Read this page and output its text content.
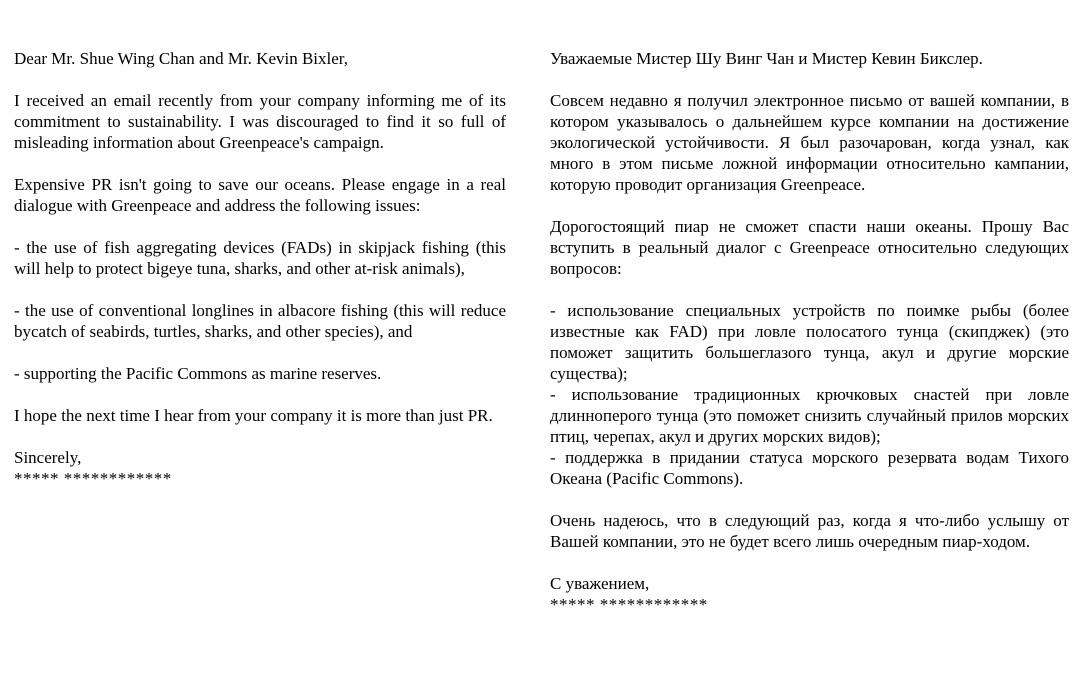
Dear Mr. Shue Wing Chan and Mr. Kevin Bixler,

I received an email recently from your company informing me of its commitment to sustainability. I was discouraged to find it so full of misleading information about Greenpeace's campaign.

Expensive PR isn't going to save our oceans. Please engage in a real dialogue with Greenpeace and address the following issues:

- the use of fish aggregating devices (FADs) in skipjack fishing (this will help to protect bigeye tuna, sharks, and other at-risk animals),

- the use of conventional longlines in albacore fishing (this will reduce bycatch of seabirds, turtles, sharks, and other species), and

- supporting the Pacific Commons as marine reserves.

I hope the next time I hear from your company it is more than just PR.

Sincerely,

***** ************

Уважаемые Мистер Шу Винг Чан и Мистер Кевин Бикслер.

Совсем недавно я получил электронное письмо от вашей компании, в котором указывалось о дальнейшем курсе компании на достижение экологической устойчивости. Я был разочарован, когда узнал, как много в этом письме ложной информации относительно кампании, которую проводит организация Greenpeace.

Дорогостоящий пиар не сможет спасти наши океаны. Прошу Вас вступить в реальный диалог с Greenpeace относительно следующих вопросов:

- использование специальных устройств по поимке рыбы (более известные как FAD) при ловле полосатого тунца (скипджек) (это поможет защитить большеглазого тунца, акул и другие морские существа);

- использование традиционных крючковых снастей при ловле длинноперого тунца (это поможет снизить случайный прилов морских птиц, черепах, акул и других морских видов);

- поддержка в придании статуса морского резервата водам Тихого Океана (Pacific Commons).

Очень надеюсь, что в следующий раз, когда я что-либо услышу от Вашей компании, это не будет всего лишь очередным пиар-ходом.

С уважением,

***** ************
